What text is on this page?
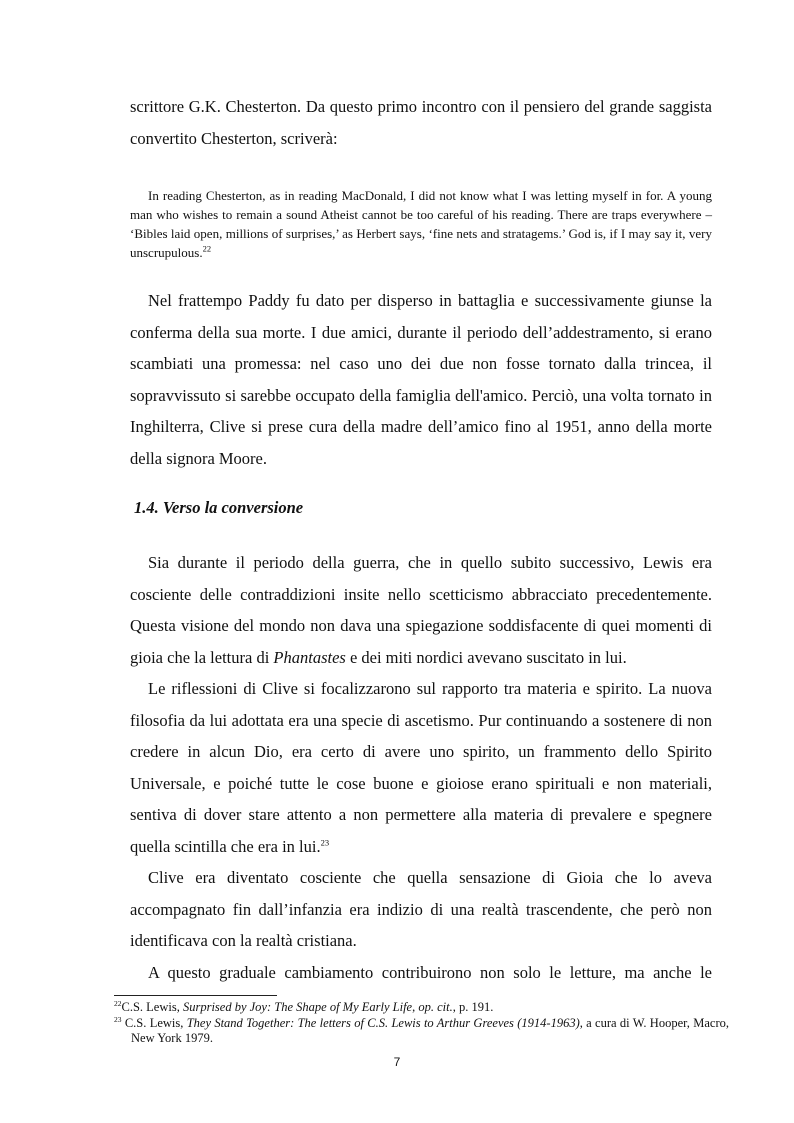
scrittore G.K. Chesterton. Da questo primo incontro con il pensiero del grande saggista convertito Chesterton, scriverà:

In reading Chesterton, as in reading MacDonald, I did not know what I was letting myself in for. A young man who wishes to remain a sound Atheist cannot be too careful of his reading. There are traps everywhere – ‘Bibles laid open, millions of surprises,’ as Herbert says, ‘fine nets and stratagems.’ God is, if I may say it, very unscrupulous.$^{22}$

Nel frattempo Paddy fu dato per disperso in battaglia e successivamente giunse la conferma della sua morte. I due amici, durante il periodo dell’addestramento, si erano scambiati una promessa: nel caso uno dei due non fosse tornato dalla trincea, il sopravvissuto si sarebbe occupato della famiglia dell'amico. Perciò, una volta tornato in Inghilterra, Clive si prese cura della madre dell’amico fino al 1951, anno della morte della signora Moore.

1.4. Verso la conversione

Sia durante il periodo della guerra, che in quello subito successivo, Lewis era cosciente delle contraddizioni insite nello scetticismo abbracciato precedentemente. Questa visione del mondo non dava una spiegazione soddisfacente di quei momenti di gioia che la lettura di Phantastes e dei miti nordici avevano suscitato in lui.

Le riflessioni di Clive si focalizzarono sul rapporto tra materia e spirito. La nuova filosofia da lui adottata era una specie di ascetismo. Pur continuando a sostenere di non credere in alcun Dio, era certo di avere uno spirito, un frammento dello Spirito Universale, e poiché tutte le cose buone e gioiose erano spirituali e non materiali, sentiva di dover stare attento a non permettere alla materia di prevalere e spegnere quella scintilla che era in lui.$^{23}$

Clive era diventato cosciente che quella sensazione di Gioia che lo aveva accompagnato fin dall’infanzia era indizio di una realtà trascendente, che però non identificava con la realtà cristiana.

A questo graduale cambiamento contribuirono non solo le letture, ma anche le

$^{22}$C.S. Lewis, Surprised by Joy: The Shape of My Early Life, op. cit., p. 191.

$^{23}$ C.S. Lewis, They Stand Together: The letters of C.S. Lewis to Arthur Greeves (1914-1963), a cura di W. Hooper, Macro, New York 1979.

7
